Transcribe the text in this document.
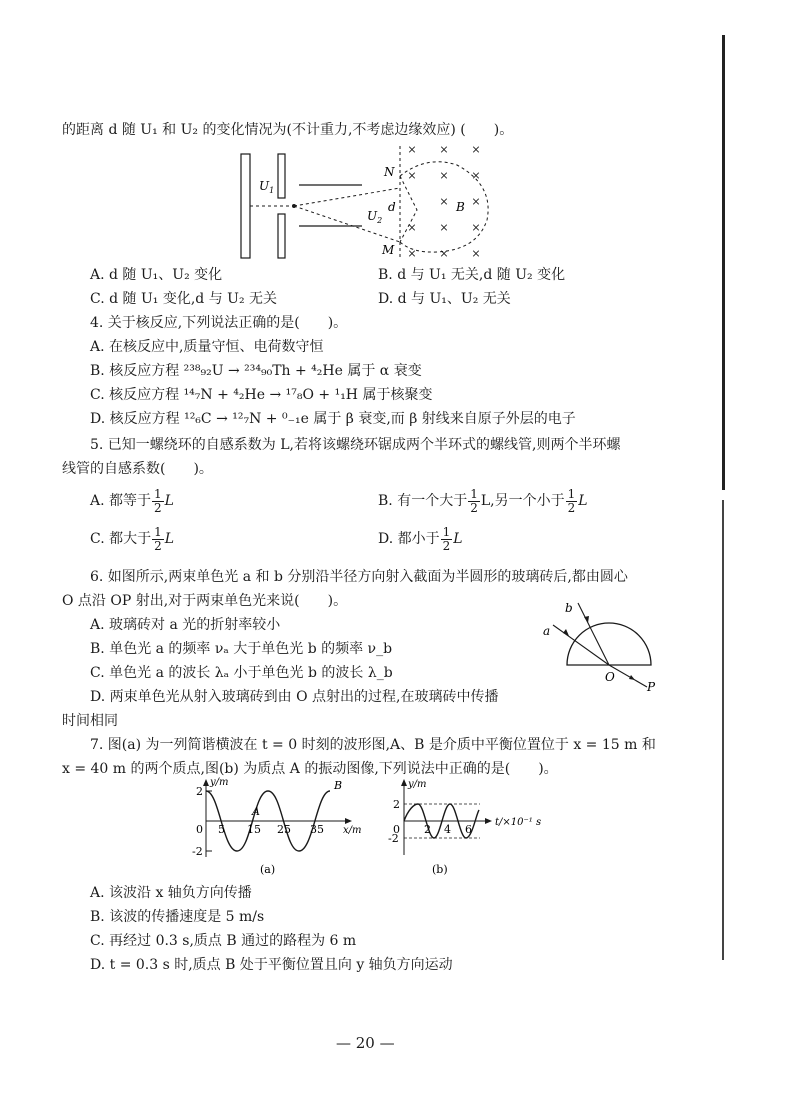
的距离 d 随 U₁ 和 U₂ 的变化情况为(不计重力,不考虑边缘效应) (　　)。
× × ×
× × ×
× ×
× × ×
× × ×
$U_1$
$U_2$
N
d	B
M
A. d 随 U₁、U₂ 变化	B. d 与 U₁ 无关,d 随 U₂ 变化
C. d 随 U₁ 变化,d 与 U₂ 无关	D. d 与 U₁、U₂ 无关
4. 关于核反应,下列说法正确的是(　　)。
A. 在核反应中,质量守恒、电荷数守恒
B. 核反应方程 ²³⁸₉₂U → ²³⁴₉₀Th + ⁴₂He 属于 α 衰变
C. 核反应方程 ¹⁴₇N + ⁴₂He → ¹⁷₈O + ¹₁H 属于核聚变
D. 核反应方程 ¹²₆C → ¹²₇N + ⁰₋₁e 属于 β 衰变,而 β 射线来自原子外层的电子
5. 已知一螺绕环的自感系数为 L,若将该螺绕环锯成两个半环式的螺线管,则两个半环螺
线管的自感系数(　　)。
A. 都等于 $\frac{1}{2}$ L	B. 有一个大于 $\frac{1}{2} L$,另一个小于 $\frac{1}{2}$ L
C. 都大于 $\frac{1}{2}$ L	D. 都小于 $\frac{1}{2}$ L
6. 如图所示,两束单色光 a 和 b 分别沿半径方向射入截面为半圆形的玻璃砖后,都由圆心
O 点沿 OP 射出,对于两束单色光来说(　　)。
A. 玻璃砖对 a 光的折射率较小
B. 单色光 a 的频率 νₐ 大于单色光 b 的频率 ν_b
C. 单色光 a 的波长 λₐ 小于单色光 b 的波长 λ_b
D. 两束单色光从射入玻璃砖到由 O 点射出的过程,在玻璃砖中传播
时间相同
b
a
O
P
7. 图(a) 为一列简谐横波在 t = 0 时刻的波形图,A、B 是介质中平衡位置位于 x = 15 m 和
x = 40 m 的两个质点,图(b) 为质点 A 的振动图像,下列说法中正确的是(　　)。
y/m
2
-2
0 5 15 25 35 x/m
A
B
(a)
y/m
2
-2
0 2 4 6
t/×10⁻¹ s
(b)
A. 该波沿 x 轴负方向传播
B. 该波的传播速度是 5 m/s
C. 再经过 0.3 s,质点 B 通过的路程为 6 m
D. t = 0.3 s 时,质点 B 处于平衡位置且向 y 轴负方向运动
— 20 —
